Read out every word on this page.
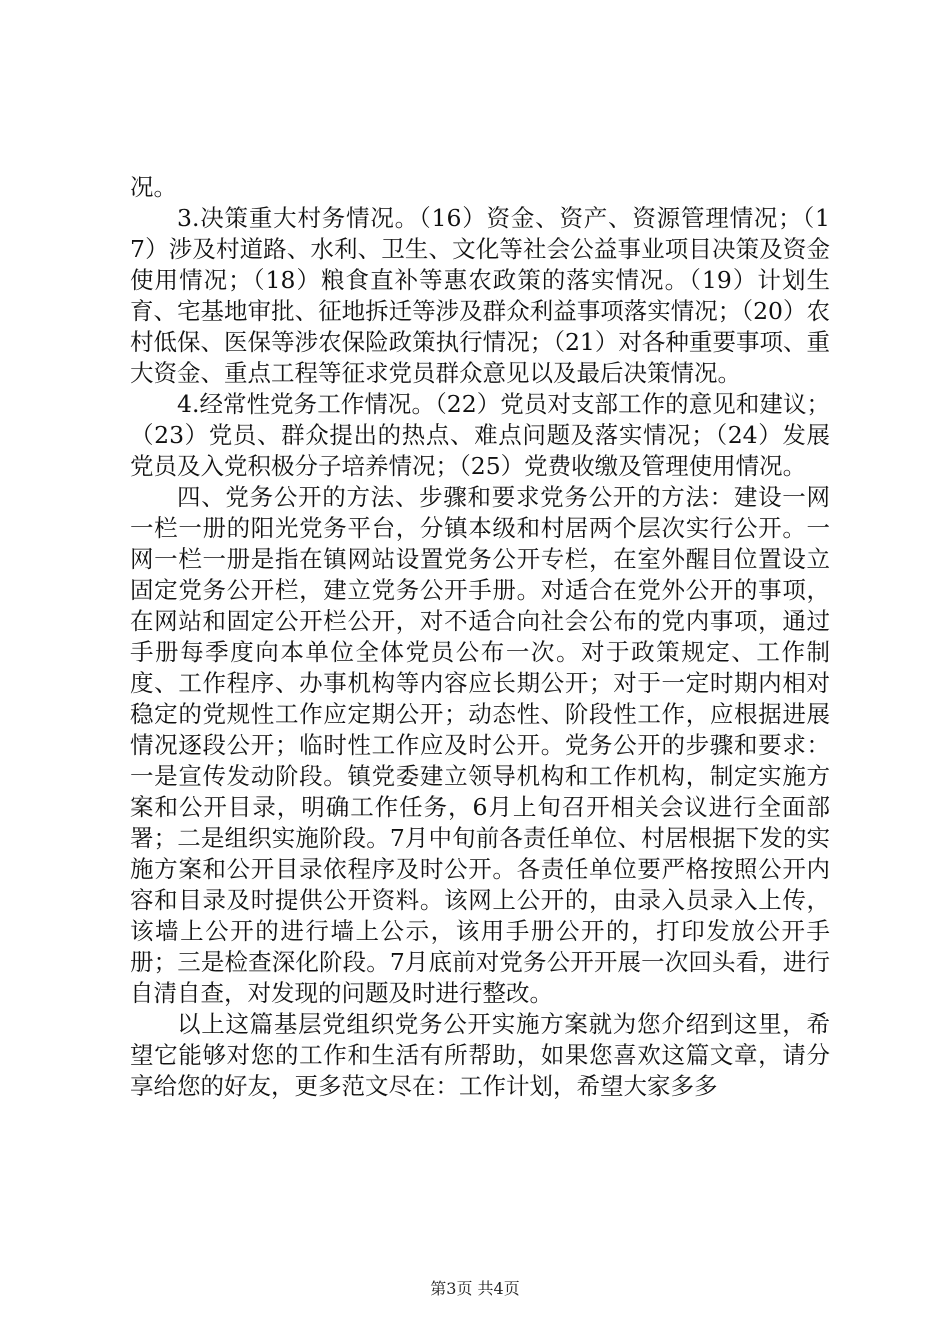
况。

3.决策重大村务情况。（16）资金、资产、资源管理情况；（17）涉及村道路、水利、卫生、文化等社会公益事业项目决策及资金使用情况；（18）粮食直补等惠农政策的落实情况。（19）计划生育、宅基地审批、征地拆迁等涉及群众利益事项落实情况；（20）农村低保、医保等涉农保险政策执行情况；（21）对各种重要事项、重大资金、重点工程等征求党员群众意见以及最后决策情况。

4.经常性党务工作情况。（22）党员对支部工作的意见和建议；（23）党员、群众提出的热点、难点问题及落实情况；（24）发展党员及入党积极分子培养情况；（25）党费收缴及管理使用情况。

四、党务公开的方法、步骤和要求党务公开的方法：建设一网一栏一册的阳光党务平台，分镇本级和村居两个层次实行公开。一网一栏一册是指在镇网站设置党务公开专栏，在室外醒目位置设立固定党务公开栏，建立党务公开手册。对适合在党外公开的事项，在网站和固定公开栏公开，对不适合向社会公布的党内事项，通过手册每季度向本单位全体党员公布一次。对于政策规定、工作制度、工作程序、办事机构等内容应长期公开；对于一定时期内相对稳定的党规性工作应定期公开；动态性、阶段性工作，应根据进展情况逐段公开；临时性工作应及时公开。党务公开的步骤和要求：一是宣传发动阶段。镇党委建立领导机构和工作机构，制定实施方案和公开目录，明确工作任务，6月上旬召开相关会议进行全面部署；二是组织实施阶段。7月中旬前各责任单位、村居根据下发的实施方案和公开目录依程序及时公开。各责任单位要严格按照公开内容和目录及时提供公开资料。该网上公开的，由录入员录入上传，该墙上公开的进行墙上公示，该用手册公开的，打印发放公开手册；三是检查深化阶段。7月底前对党务公开开展一次回头看，进行自清自查，对发现的问题及时进行整改。

以上这篇基层党组织党务公开实施方案就为您介绍到这里，希望它能够对您的工作和生活有所帮助，如果您喜欢这篇文章，请分享给您的好友，更多范文尽在：工作计划，希望大家多多

第3页 共4页
